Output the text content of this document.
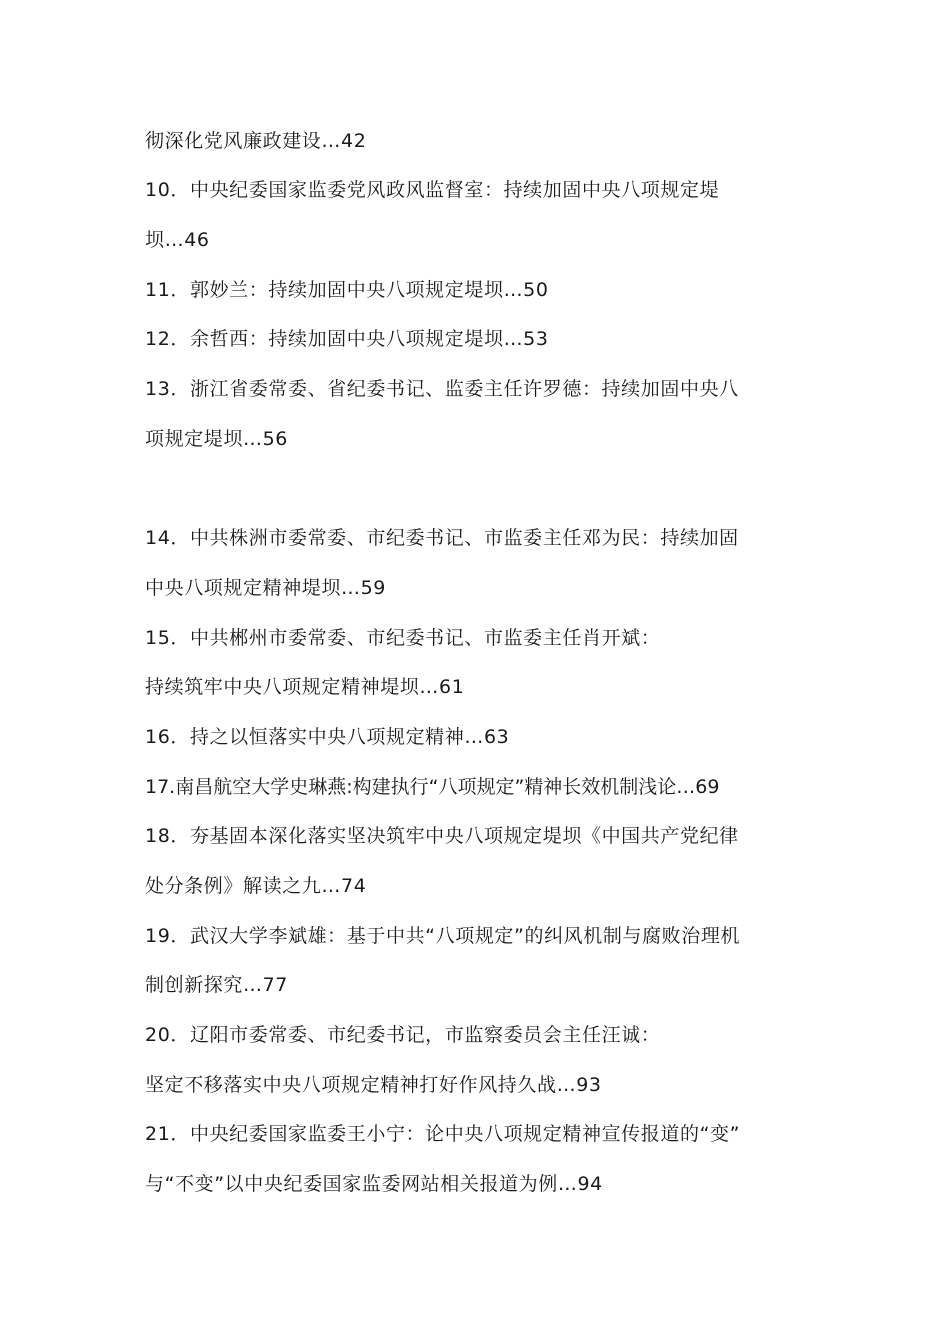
彻深化党风廉政建设…42
10．中央纪委国家监委党风政风监督室：持续加固中央八项规定堤
坝…46
11．郭妙兰：持续加固中央八项规定堤坝…50
12．余哲西：持续加固中央八项规定堤坝…53
13．浙江省委常委、省纪委书记、监委主任许罗德：持续加固中央八
项规定堤坝…56
14．中共株洲市委常委、市纪委书记、市监委主任邓为民：持续加固
中央八项规定精神堤坝…59
15．中共郴州市委常委、市纪委书记、市监委主任肖开斌：
持续筑牢中央八项规定精神堤坝…61
16．持之以恒落实中央八项规定精神…63
17.南昌航空大学史琳燕:构建执行“八项规定”精神长效机制浅论…69
18．夯基固本深化落实坚决筑牢中央八项规定堤坝《中国共产党纪律
处分条例》解读之九…74
19．武汉大学李斌雄：基于中共“八项规定”的纠风机制与腐败治理机
制创新探究…77
20．辽阳市委常委、市纪委书记，市监察委员会主任汪诚：
坚定不移落实中央八项规定精神打好作风持久战…93
21．中央纪委国家监委王小宁：论中央八项规定精神宣传报道的“变”
与“不变”以中央纪委国家监委网站相关报道为例…94
